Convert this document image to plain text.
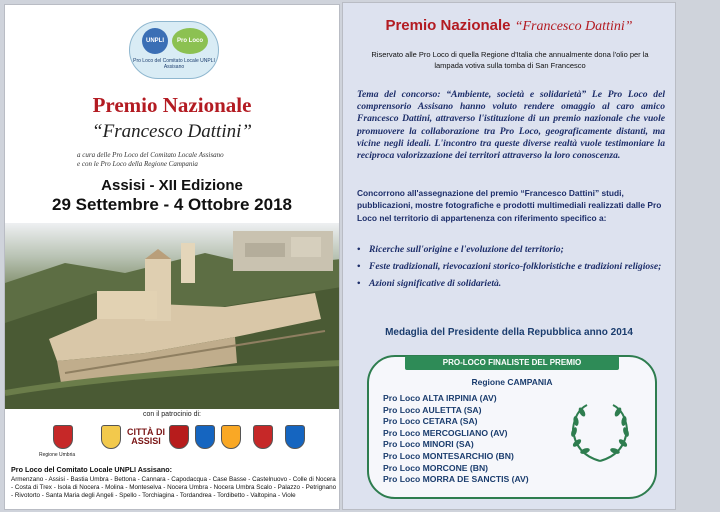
UNPLI	Pro Loco
Pro Loco del Comitato Locale UNPLI Assisano
Premio Nazionale
“Francesco Dattini”
a cura delle Pro Loco del Comitato Locale Assisano
e con le Pro Loco della Regione Campania
Assisi - XII Edizione
29 Settembre - 4 Ottobre 2018
con il patrocinio di:
Regione Umbria
CITTÀ DI
ASSISI
Pro Loco del Comitato Locale UNPLI Assisano:
Armenzano - Assisi - Bastia Umbra - Bettona - Cannara - Capodacqua - Case Basse - Castelnuovo - Colle di Nocera - Costa di Trex - Isola di Nocera - Molina - Monteselva - Nocera Umbra - Nocera Umbra Scalo - Palazzo - Petrignano - Rivotorto - Santa Maria degli Angeli - Spello - Torchiagina - Tordandrea - Tordibetto - Valtopina - Viole
Premio Nazionale “Francesco Dattini”
Riservato alle Pro Loco di quella Regione d'Italia che annualmente dona l'olio per la lampada votiva sulla tomba di San Francesco
Tema del concorso: “Ambiente, società e solidarietà” Le Pro Loco del comprensorio Assisano hanno voluto rendere omaggio al caro amico Francesco Dattini, attraverso l'istituzione di un premio nazionale che vuole promuovere la collaborazione tra Pro Loco, geograficamente distanti, ma vicine negli ideali. L'incontro tra queste diverse realtà vuole testimoniare la reciproca valorizzazione dei territori attraverso la loro conoscenza.
Concorrono all'assegnazione del premio “Francesco Dattini” studi, pubblicazioni, mostre fotografiche e prodotti multimediali realizzati dalle Pro Loco nel territorio di appartenenza con riferimento specifico a:
• Ricerche sull'origine e l'evoluzione del territorio;
• Feste tradizionali, rievocazioni storico-folkloristiche e tradizioni religiose;
• Azioni significative di solidarietà.
Medaglia del Presidente della Repubblica anno 2014
PRO-LOCO FINALISTE DEL PREMIO
Regione CAMPANIA
Pro Loco ALTA IRPINIA (AV)
Pro Loco AULETTA (SA)
Pro Loco CETARA (SA)
Pro Loco MERCOGLIANO (AV)
Pro Loco MINORI (SA)
Pro Loco MONTESARCHIO (BN)
Pro Loco MORCONE (BN)
Pro Loco MORRA DE SANCTIS (AV)
